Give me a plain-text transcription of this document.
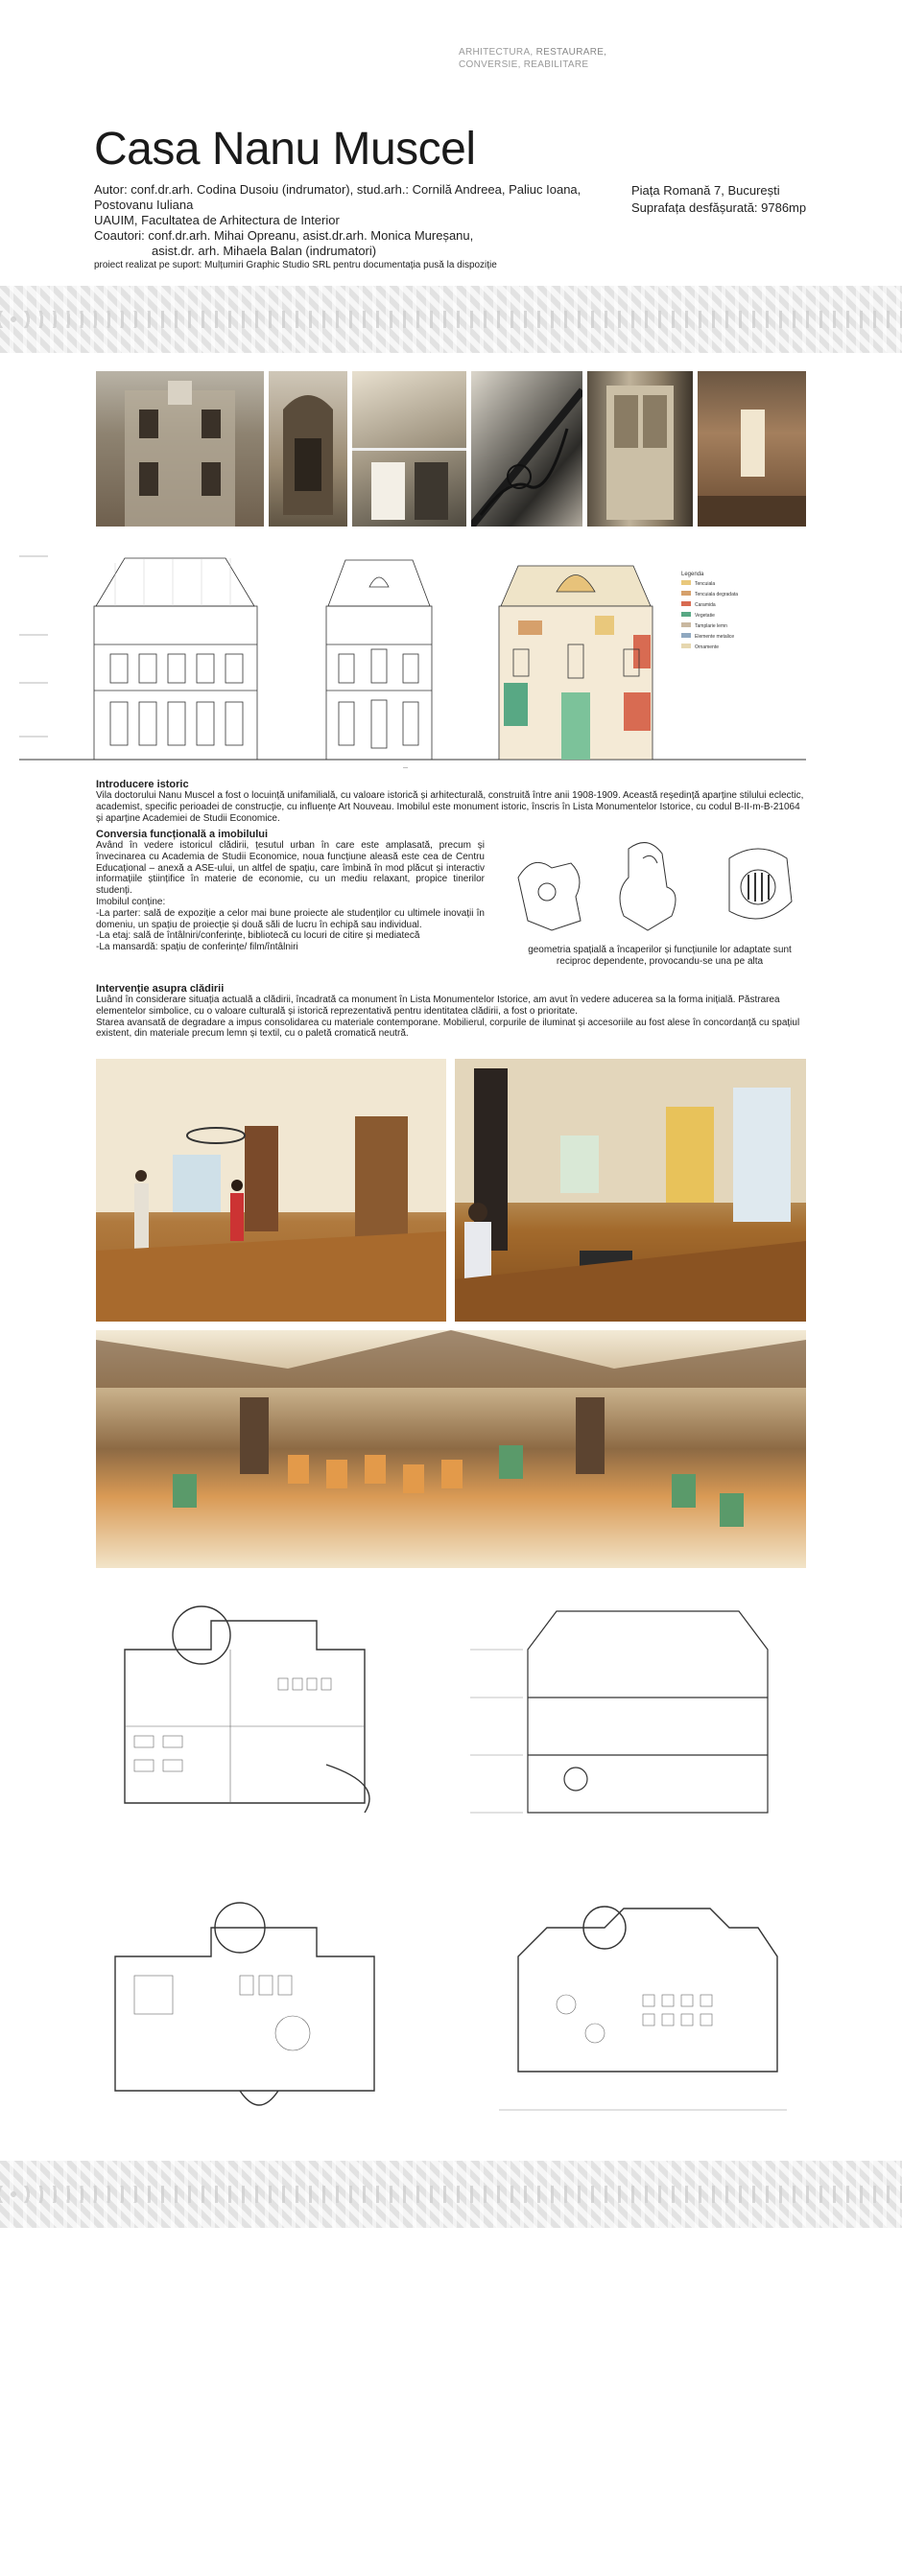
ARHITECTURA, RESTAURARE,
CONVERSIE, REABILITARE
Casa Nanu Muscel
Autor: conf.dr.arh. Codina Dusoiu (indrumator), stud.arh.: Cornilă Andreea, Paliuc Ioana,
Postovanu Iuliana
UAUIM, Facultatea de Arhitectura de Interior
Coautori: conf.dr.arh. Mihai Opreanu, asist.dr.arh. Monica Mureșanu,
asist.dr. arh. Mihaela Balan (indrumatori)
proiect realizat pe suport: Mulțumiri Graphic Studio SRL pentru documentația pusă la dispoziție
Piața Romană 7, București
Suprafața desfășurată: 9786mp
Legenda
Tencuiala
Tencuiala degradata
Caramida
Vegetatie
Tamplarie lemn
Elemente metalice
Ornamente
—

Introducere istoric

Vila doctorului Nanu Muscel a fost o locuință unifamilială, cu valoare istorică și arhitecturală, construită între anii 1908-1909. Această reședință aparține stilului eclectic, academist, specific perioadei de construcție, cu influențe Art Nouveau. Imobilul este monument istoric, înscris în Lista Monumentelor Istorice, cu codul B-II-m-B-21064 și aparține Academiei de Studii Economice.

Conversia funcțională a imobilului

Având în vedere istoricul clădirii, țesutul urban în care este amplasată, precum și învecinarea cu Academia de Studii Economice, noua funcțiune aleasă este cea de Centru Educațional – anexă a ASE-ului, un altfel de spațiu, care îmbină în mod plăcut și interactiv informațiile științifice în materie de economie, cu un mediu relaxant, propice tinerilor studenți.
Imobilul conține:
-La parter: sală de expoziție a celor mai bune proiecte ale studenților cu ultimele inovații în domeniu, un spațiu de proiecție și două săli de lucru în echipă sau individual.
-La etaj: sală de întâlniri/conferințe, bibliotecă cu locuri de citire și mediatecă
-La mansardă: spațiu de conferințe/ film/întâlniri	geometria spațială a încaperilor și funcțiunile lor adaptate sunt
reciproc dependente, provocandu-se una pe alta

Intervenție asupra clădirii

Luând în considerare situația actuală a clădirii, încadrată ca monument în Lista Monumentelor Istorice, am avut în vedere aducerea sa la forma inițială. Păstrarea elementelor simbolice, cu o valoare culturală și istorică reprezentativă pentru identitatea clădirii, a fost o prioritate.
Starea avansată de degradare a impus consolidarea cu materiale contemporane. Mobilierul, corpurile de iluminat și accesoriile au fost alese în concordanță cu spațiul existent, din materiale precum lemn și textil, cu o paletă cromatică neutră.
